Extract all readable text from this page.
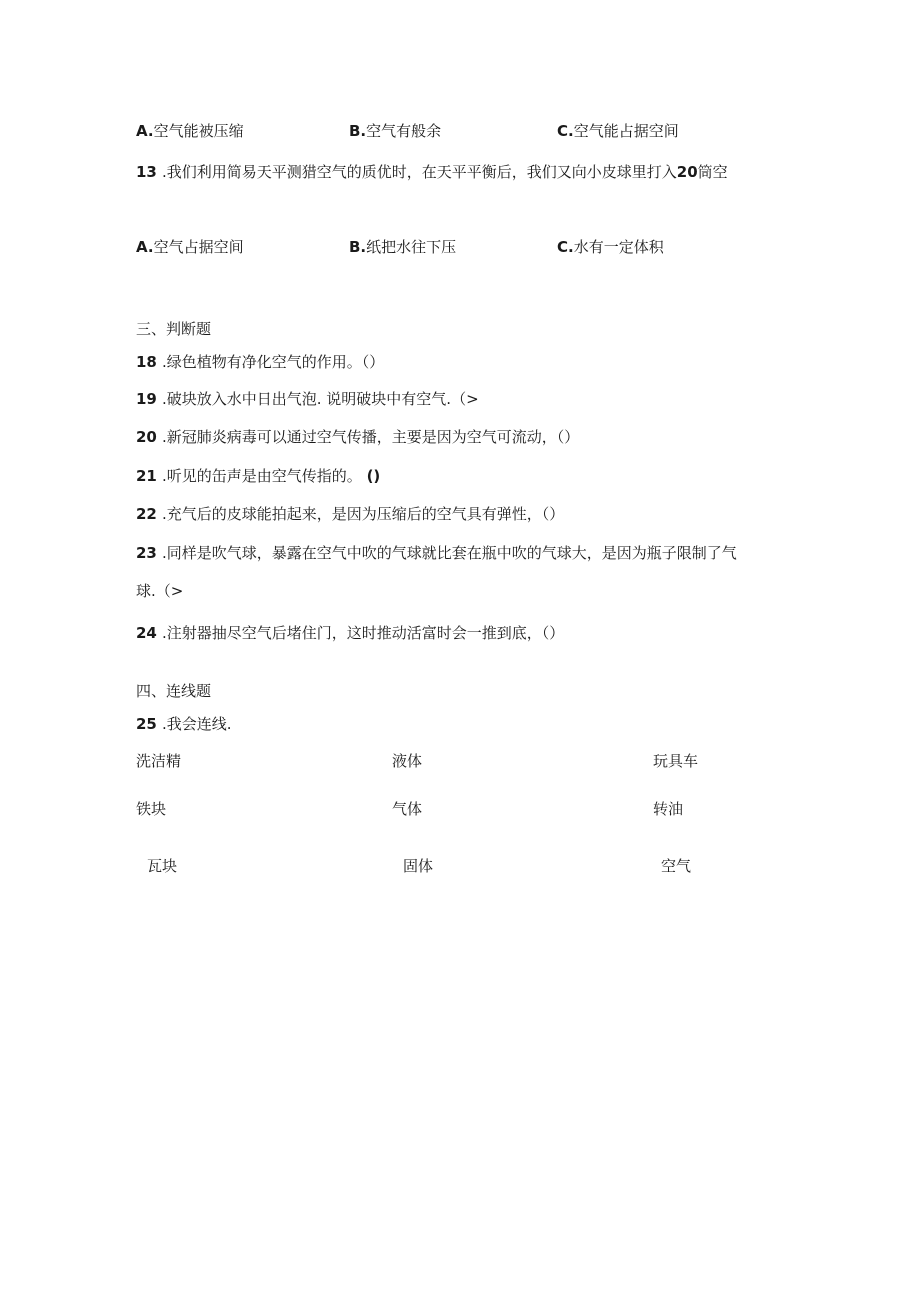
A.空气能被压缩	B.空气有般余	C.空气能占据空间
13 .我们利用简易天平测猎空气的质优时，在天平平衡后，我们又向小皮球里打入20筒空
A.空气占据空间	B.纸把水往下压	C.水有一定体积
三、判断题
18 .绿色植物有净化空气的作用。（）
19 .破块放入水中日出气泡. 说明破块中有空气.（>
20 .新冠肺炎病毒可以通过空气传播，主要是因为空气可流动，（）
21 .听见的缶声是由空气传指的。 ()
22 .充气后的皮球能拍起来，是因为压缩后的空气具有弹性，（）
23 .同样是吹气球，暴露在空气中吹的气球就比套在瓶中吹的气球大，是因为瓶子限制了气
球.（>
24 .注射器抽尽空气后堵住门，这时推动活富时会一推到底，（）
四、连线题
25 .我会连线.
洗洁精	液体	玩具车
铁块	气体	转油
瓦块	固体	空气
